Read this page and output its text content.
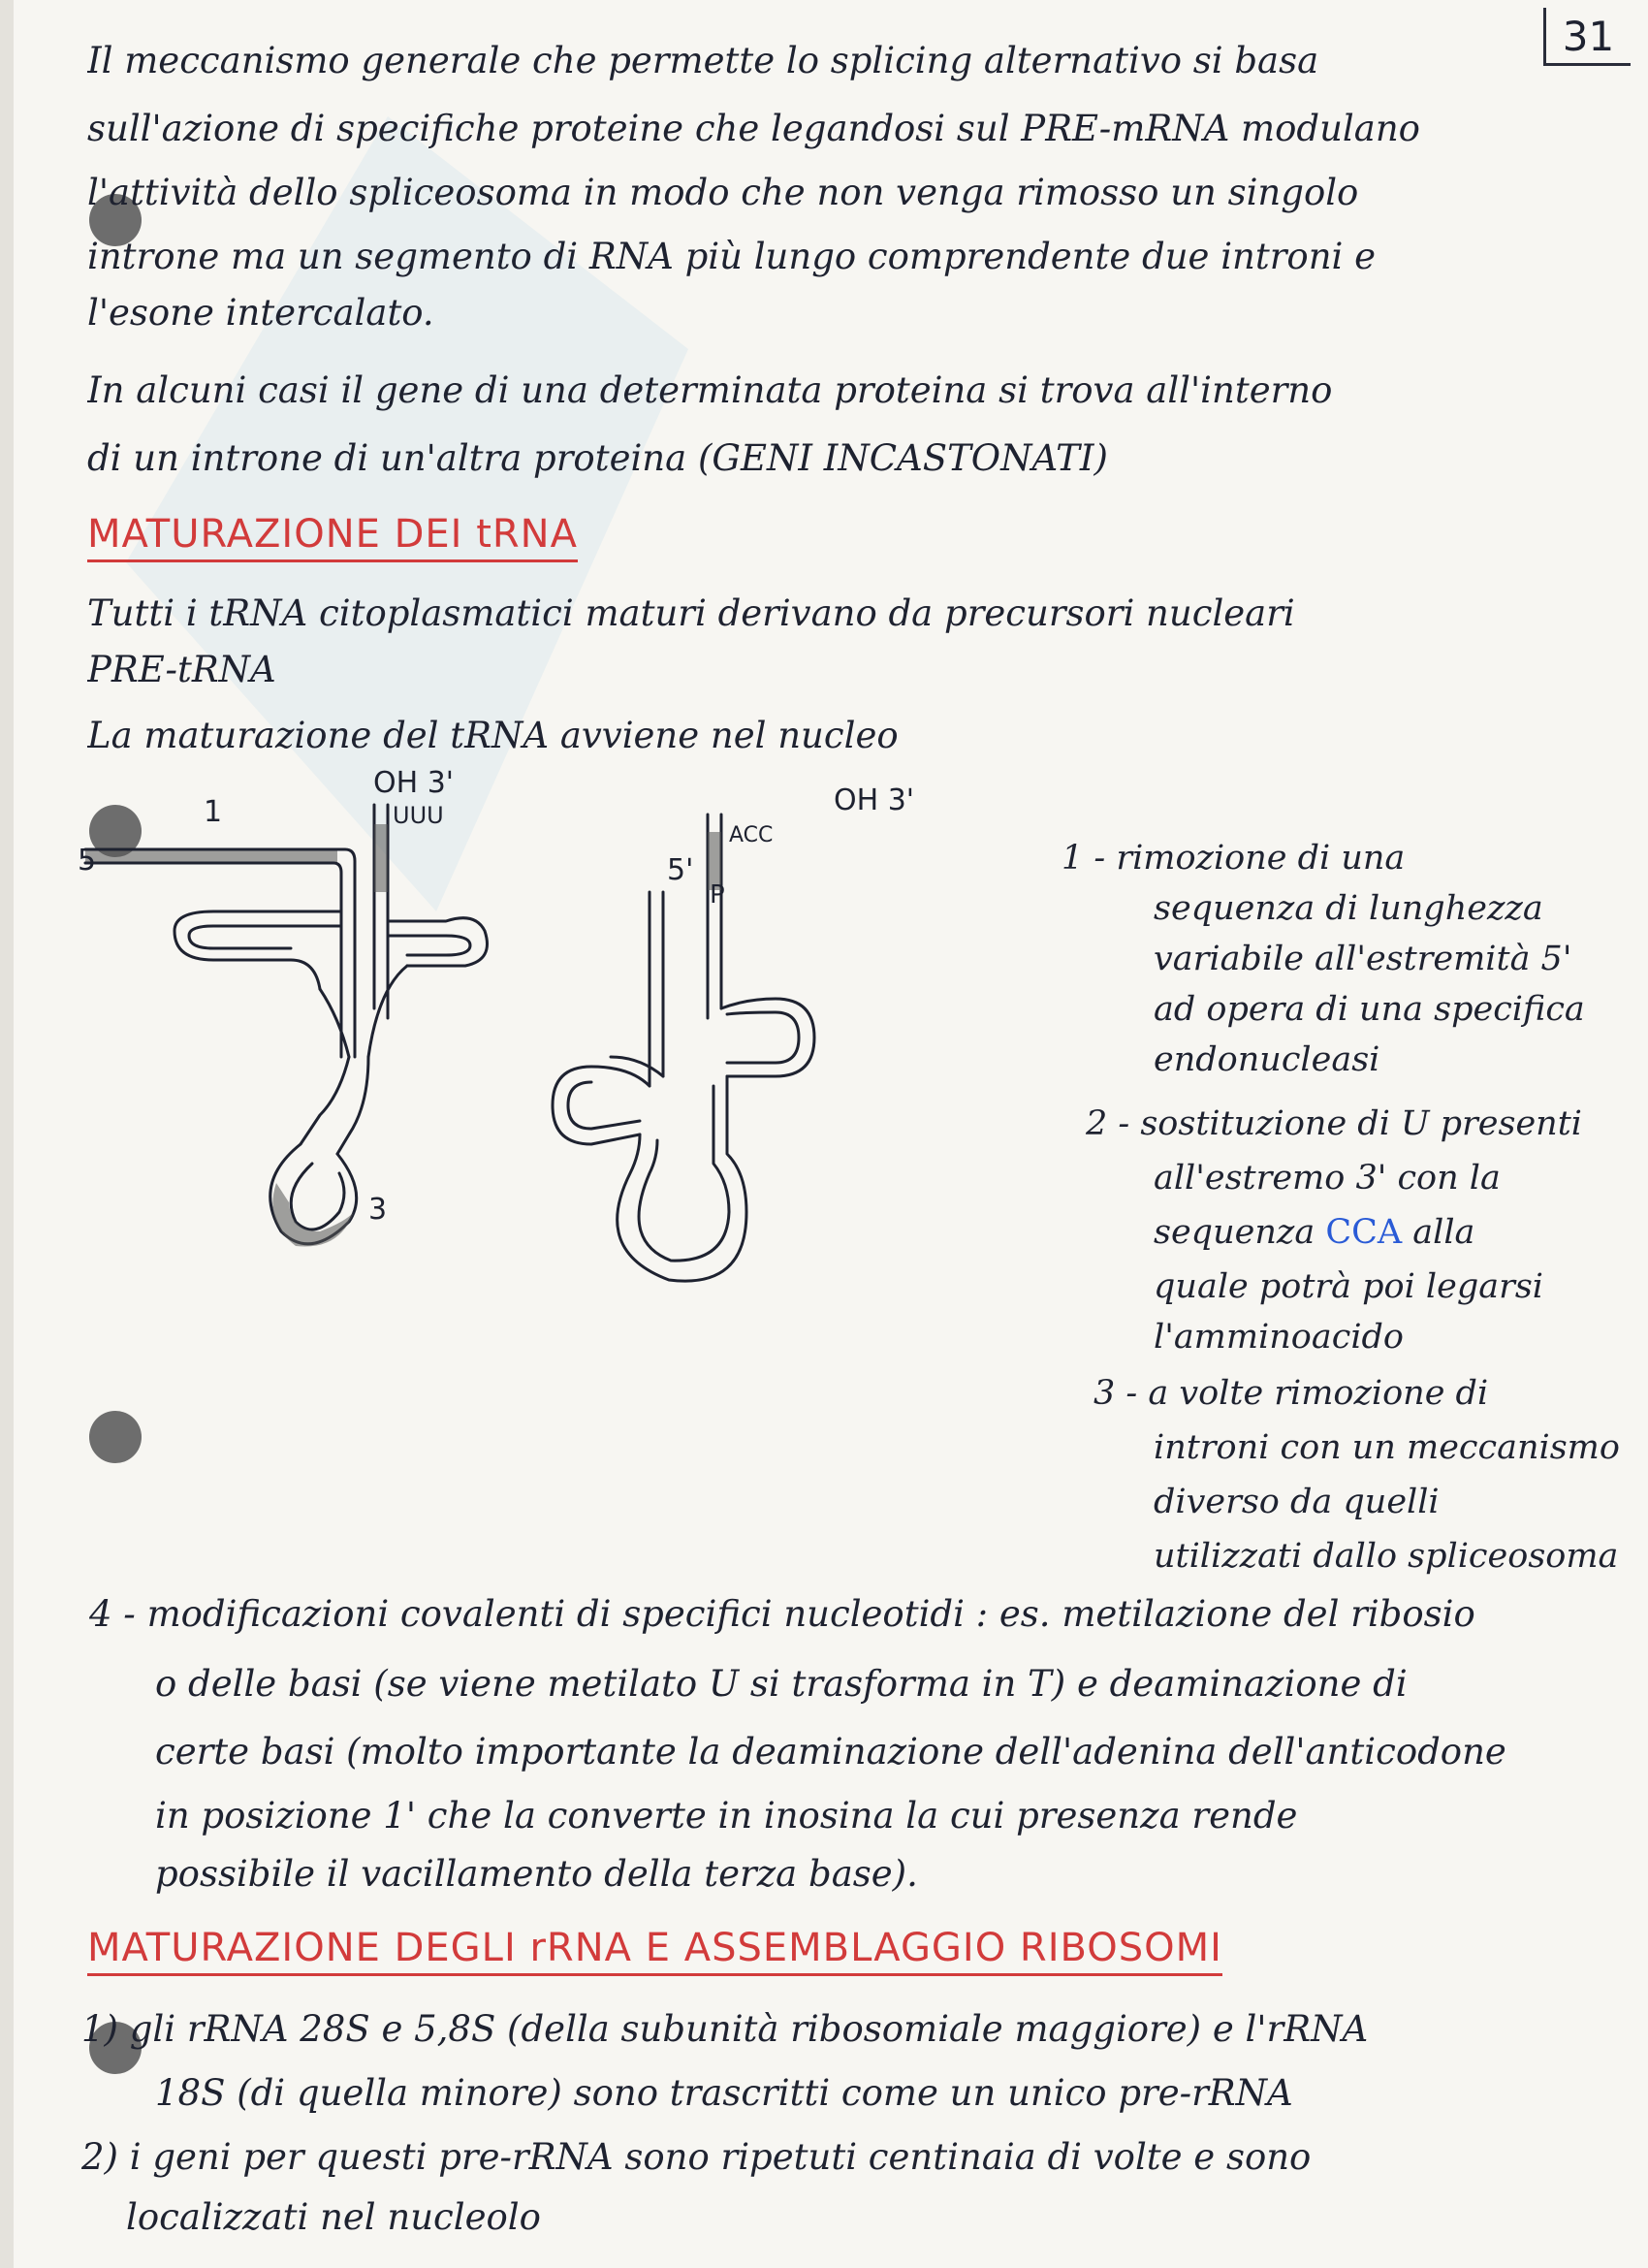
31
Il meccanismo generale che permette lo splicing alternativo si basa
sull'azione di specifiche proteine che legandosi sul PRE-mRNA modulano
l'attività dello spliceosoma in modo che non venga rimosso un singolo
introne ma un segmento di RNA più lungo comprendente due introni e
l'esone intercalato.
In alcuni casi il gene di una determinata proteina si trova all'interno
di un introne di un'altra proteina (GENI INCASTONATI)
MATURAZIONE DEI tRNA
Tutti i tRNA citoplasmatici maturi derivano da precursori nucleari
PRE-tRNA
La maturazione del tRNA avviene nel nucleo
5
1
OH 3'
UUU
3
5'
P
OH 3'
ACC
1 - rimozione di una
sequenza di lunghezza
variabile all'estremità 5'
ad opera di una specifica
endonucleasi
2 - sostituzione di U presenti
all'estremo 3' con la
sequenza CCA alla
quale potrà poi legarsi
l'amminoacido
3 - a volte rimozione di
introni con un meccanismo
diverso da quelli
utilizzati dallo spliceosoma
4 - modificazioni covalenti di specifici nucleotidi : es. metilazione del ribosio
o delle basi (se viene metilato U si trasforma in T) e deaminazione di
certe basi (molto importante la deaminazione dell'adenina dell'anticodone
in posizione 1' che la converte in inosina la cui presenza rende
possibile il vacillamento della terza base).
MATURAZIONE DEGLI rRNA E ASSEMBLAGGIO RIBOSOMI
1) gli rRNA 28S e 5,8S (della subunità ribosomiale maggiore) e l'rRNA
18S (di quella minore) sono trascritti come un unico pre-rRNA
2) i geni per questi pre-rRNA sono ripetuti centinaia di volte e sono
localizzati nel nucleolo
